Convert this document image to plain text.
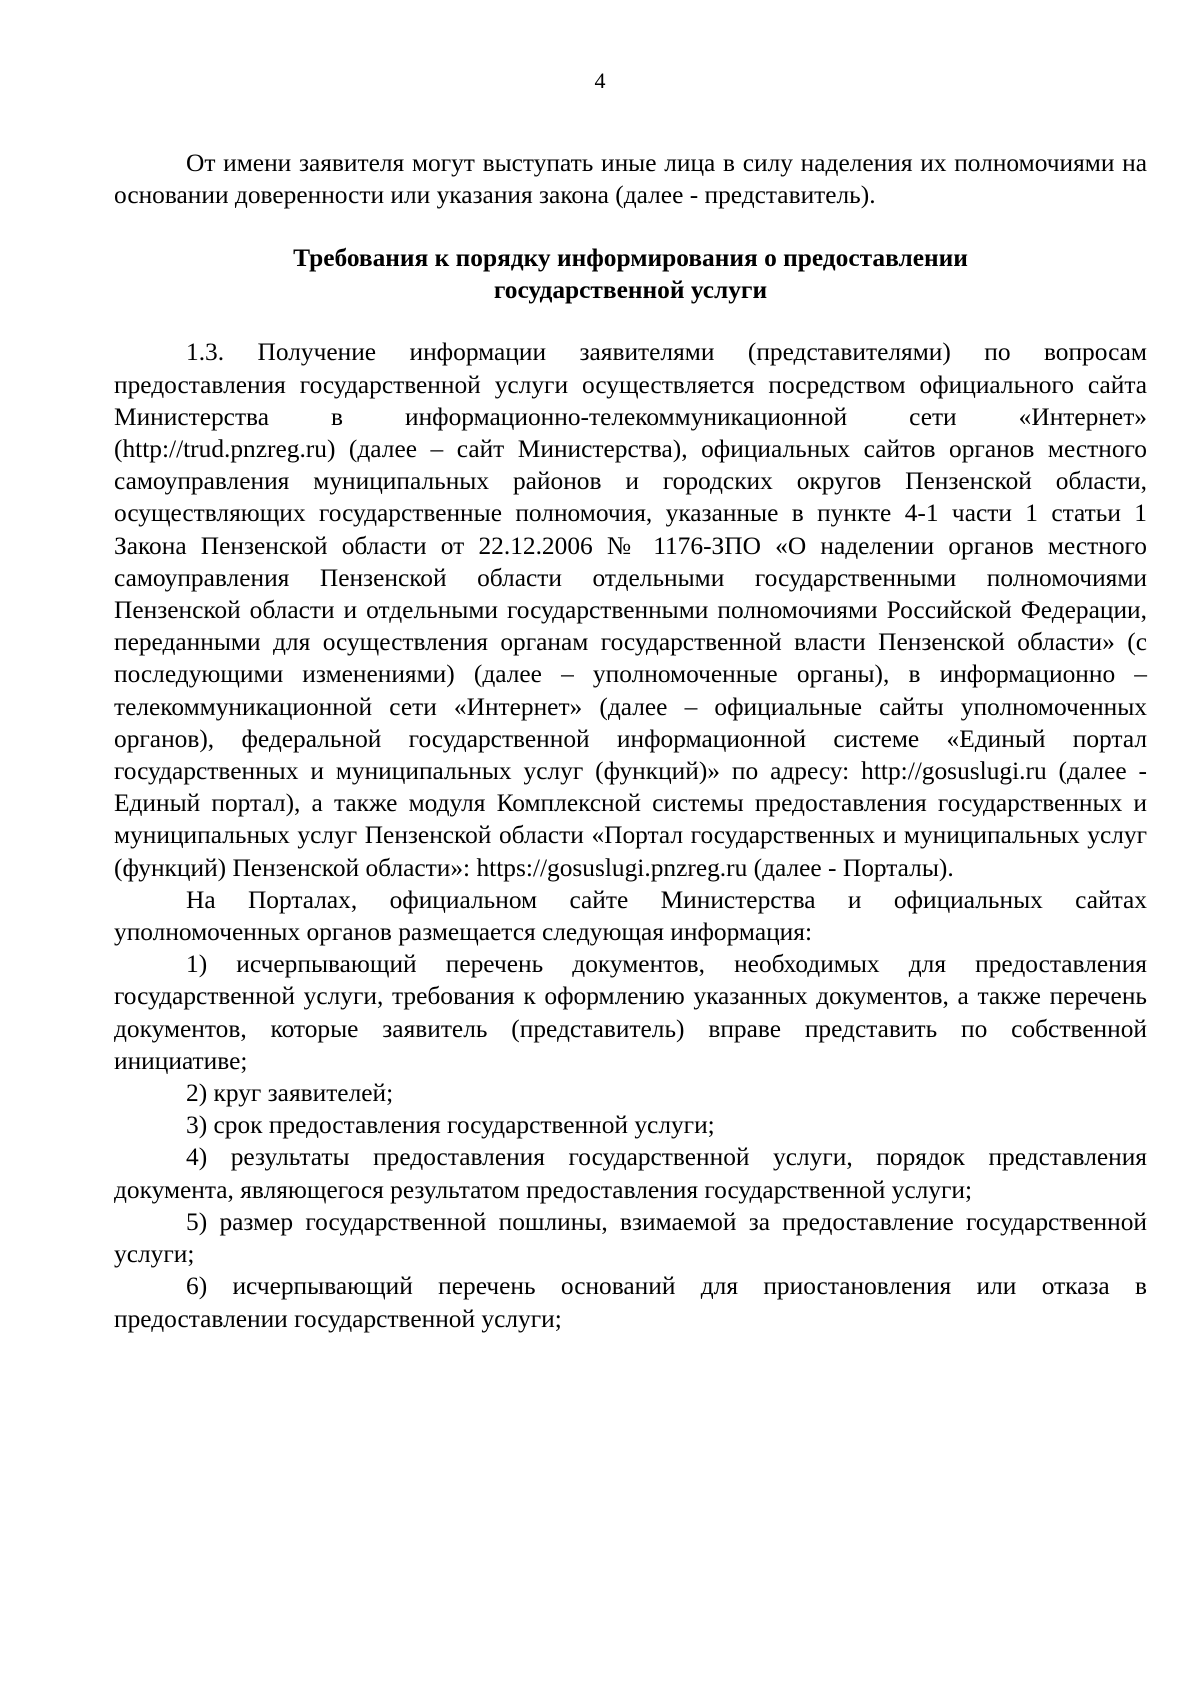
4

От имени заявителя могут выступать иные лица в силу наделения их полномочиями на основании доверенности или указания закона (далее - представитель).

Требования к порядку информирования о предоставлении
государственной услуги

1.3. Получение информации заявителями (представителями) по вопросам предоставления государственной услуги осуществляется посредством официального сайта Министерства в информационно-телекоммуникационной сети «Интернет» (http://trud.pnzreg.ru) (далее – сайт Министерства), официальных сайтов органов местного самоуправления муниципальных районов и городских округов Пензенской области, осуществляющих государственные полномочия, указанные в пункте 4-1 части 1 статьи 1 Закона Пензенской области от 22.12.2006 № 1176-ЗПО «О наделении органов местного самоуправления Пензенской области отдельными государственными полномочиями Пензенской области и отдельными государственными полномочиями Российской Федерации, переданными для осуществления органам государственной власти Пензенской области» (с последующими изменениями) (далее – уполномоченные органы), в информационно – телекоммуникационной сети «Интернет» (далее – официальные сайты уполномоченных органов), федеральной государственной информационной системе «Единый портал государственных и муниципальных услуг (функций)» по адресу: http://gosuslugi.ru (далее - Единый портал), а также модуля Комплексной системы предоставления государственных и муниципальных услуг Пензенской области «Портал государственных и муниципальных услуг (функций) Пензенской области»: https://gosuslugi.pnzreg.ru (далее - Порталы).

На Порталах, официальном сайте Министерства и официальных сайтах уполномоченных органов размещается следующая информация:

1) исчерпывающий перечень документов, необходимых для предоставления государственной услуги, требования к оформлению указанных документов, а также перечень документов, которые заявитель (представитель) вправе представить по собственной инициативе;

2) круг заявителей;

3) срок предоставления государственной услуги;

4) результаты предоставления государственной услуги, порядок представления документа, являющегося результатом предоставления государственной услуги;

5) размер государственной пошлины, взимаемой за предоставление государственной услуги;

6) исчерпывающий перечень оснований для приостановления или отказа в предоставлении государственной услуги;
